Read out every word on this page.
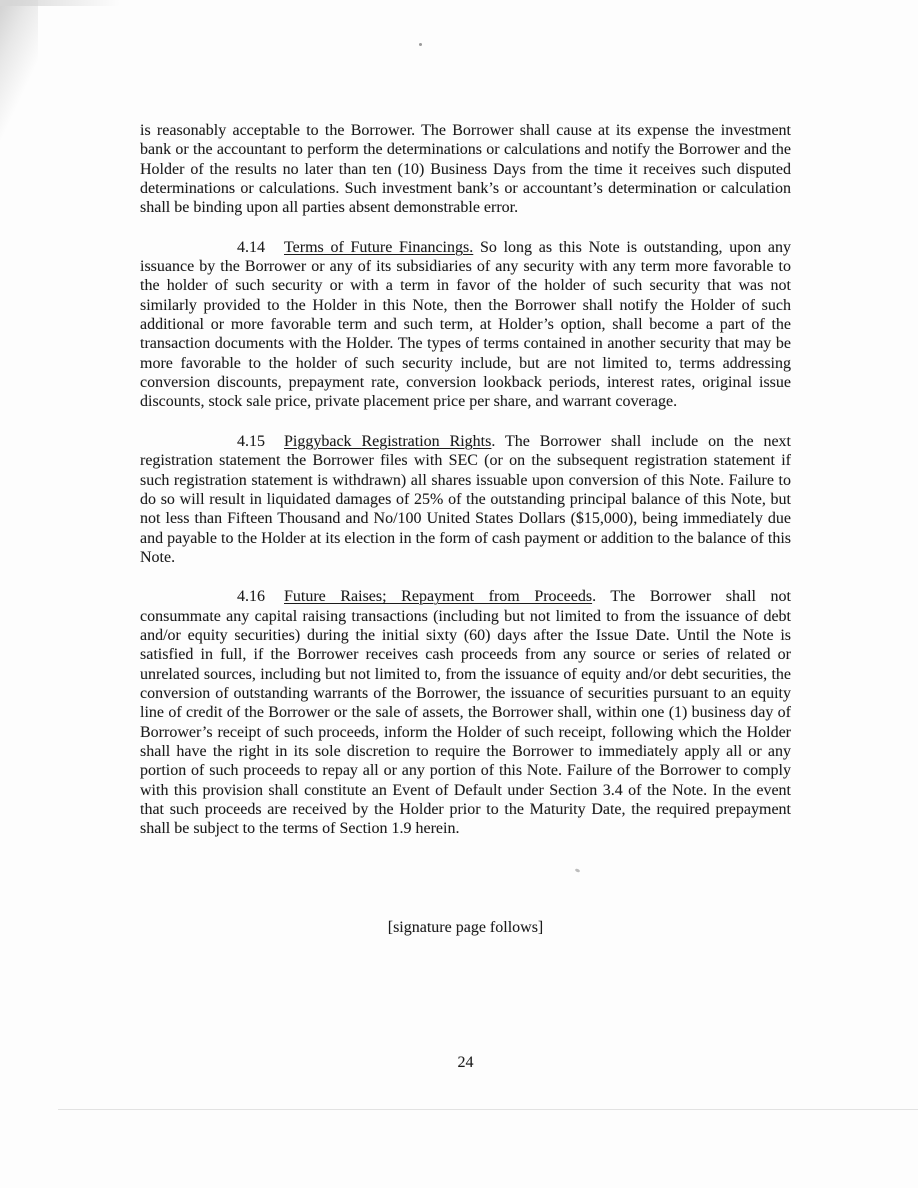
is reasonably acceptable to the Borrower. The Borrower shall cause at its expense the investment bank or the accountant to perform the determinations or calculations and notify the Borrower and the Holder of the results no later than ten (10) Business Days from the time it receives such disputed determinations or calculations. Such investment bank’s or accountant’s determination or calculation shall be binding upon all parties absent demonstrable error.

4.14 Terms of Future Financings. So long as this Note is outstanding, upon any issuance by the Borrower or any of its subsidiaries of any security with any term more favorable to the holder of such security or with a term in favor of the holder of such security that was not similarly provided to the Holder in this Note, then the Borrower shall notify the Holder of such additional or more favorable term and such term, at Holder’s option, shall become a part of the transaction documents with the Holder. The types of terms contained in another security that may be more favorable to the holder of such security include, but are not limited to, terms addressing conversion discounts, prepayment rate, conversion lookback periods, interest rates, original issue discounts, stock sale price, private placement price per share, and warrant coverage.

4.15 Piggyback Registration Rights. The Borrower shall include on the next registration statement the Borrower files with SEC (or on the subsequent registration statement if such registration statement is withdrawn) all shares issuable upon conversion of this Note. Failure to do so will result in liquidated damages of 25% of the outstanding principal balance of this Note, but not less than Fifteen Thousand and No/100 United States Dollars ($15,000), being immediately due and payable to the Holder at its election in the form of cash payment or addition to the balance of this Note.

4.16 Future Raises; Repayment from Proceeds. The Borrower shall not consummate any capital raising transactions (including but not limited to from the issuance of debt and/or equity securities) during the initial sixty (60) days after the Issue Date. Until the Note is satisfied in full, if the Borrower receives cash proceeds from any source or series of related or unrelated sources, including but not limited to, from the issuance of equity and/or debt securities, the conversion of outstanding warrants of the Borrower, the issuance of securities pursuant to an equity line of credit of the Borrower or the sale of assets, the Borrower shall, within one (1) business day of Borrower’s receipt of such proceeds, inform the Holder of such receipt, following which the Holder shall have the right in its sole discretion to require the Borrower to immediately apply all or any portion of such proceeds to repay all or any portion of this Note. Failure of the Borrower to comply with this provision shall constitute an Event of Default under Section 3.4 of the Note. In the event that such proceeds are received by the Holder prior to the Maturity Date, the required prepayment shall be subject to the terms of Section 1.9 herein.

[signature page follows]
24
